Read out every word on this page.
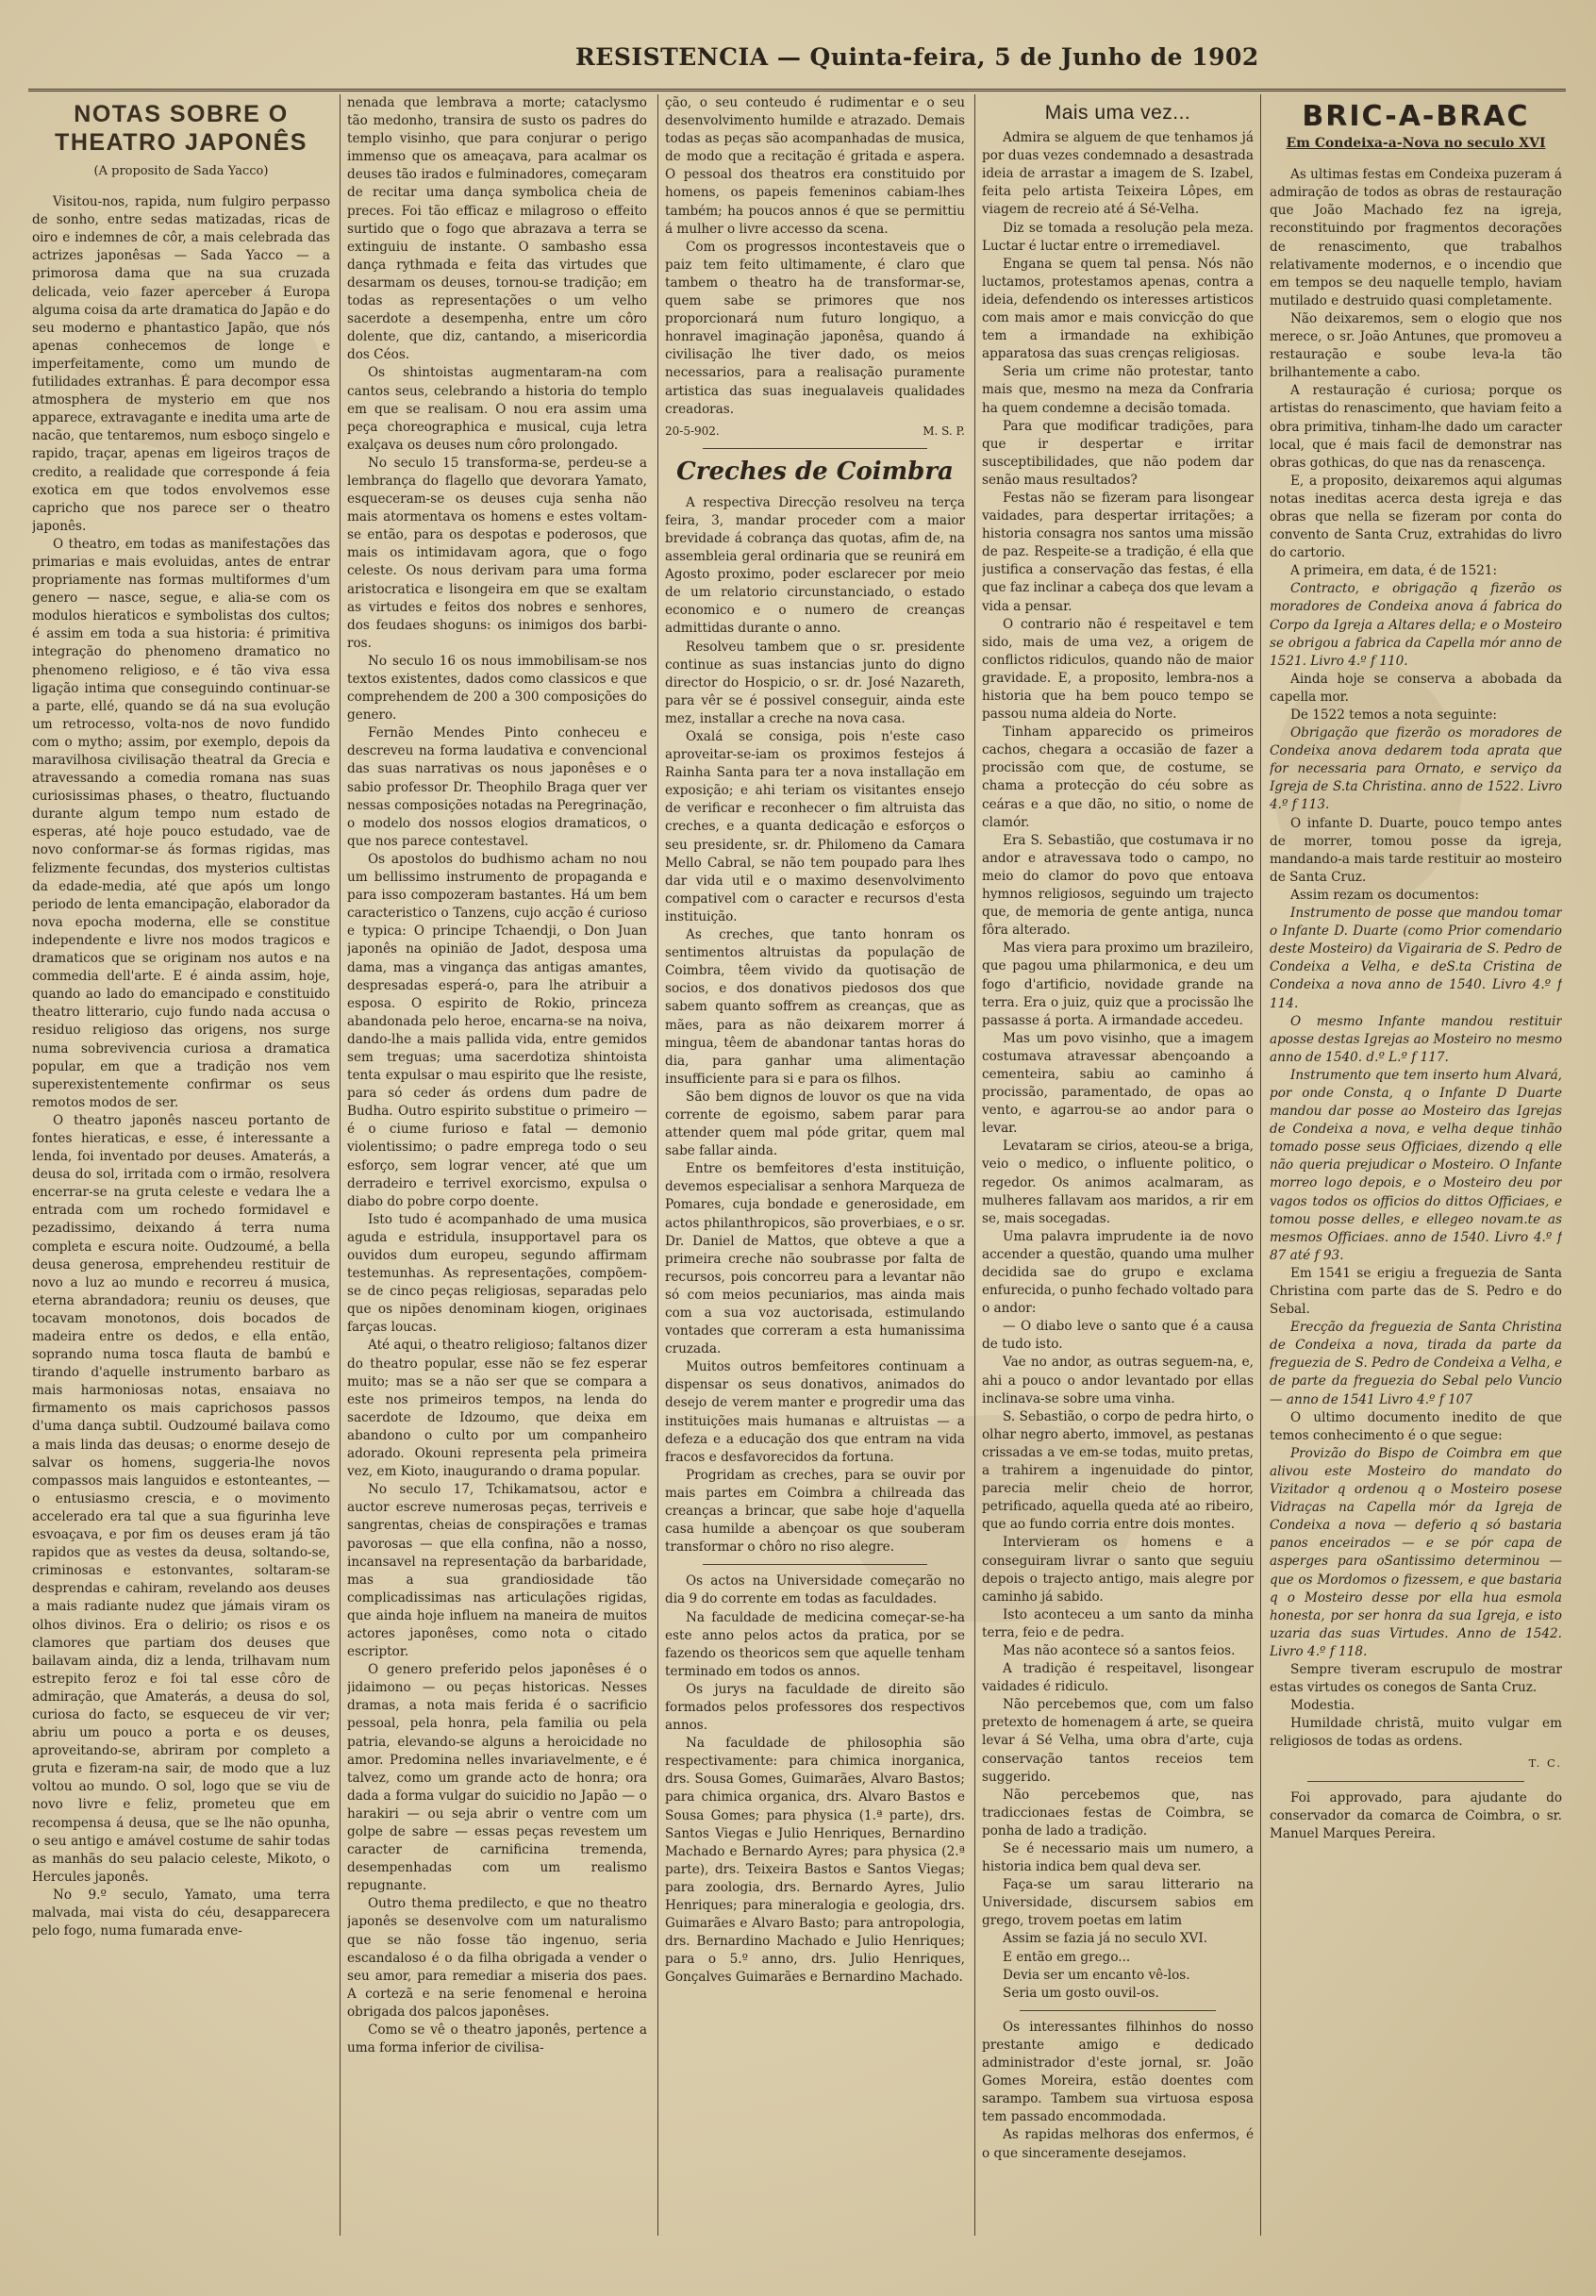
RESISTENCIA — Quinta-feira, 5 de Junho de 1902
NOTAS SOBRE O THEATRO JAPONÊS
(A proposito de Sada Yacco)

Visitou-nos, rapida, num fulgiro perpasso de sonho, entre sedas matizadas, ricas de oiro e indemnes de côr, a mais celebrada das actrizes japonêsas — Sada Yacco — a primorosa dama que na sua cruzada delicada, veio fazer aperceber á Europa alguma coisa da arte dramatica do Japão e do seu moderno e phantastico Japão, que nós apenas conhecemos de longe e imperfeitamente, como um mundo de futilidades extranhas. É para decompor essa atmosphera de mysterio em que nos apparece, extravagante e inedita uma arte de nacão, que tentaremos, num esboço singelo e rapido, traçar, apenas em ligeiros traços de credito, a realidade que corresponde á feia exotica em que todos envolvemos esse capricho que nos parece ser o theatro japonês.

O theatro, em todas as manifestações das primarias e mais evoluidas, antes de entrar propriamente nas formas multiformes d'um genero — nasce, segue, e alia-se com os modulos hieraticos e symbolistas dos cultos; é assim em toda a sua historia: é primitiva integração do phenomeno dramatico no phenomeno religioso, e é tão viva essa ligação intima que conseguindo continuar-se a parte, ellé, quando se dá na sua evolução um retrocesso, volta-nos de novo fundido com o mytho; assim, por exemplo, depois da maravilhosa civilisação theatral da Grecia e atravessando a comedia romana nas suas curiosissimas phases, o theatro, fluctuando durante algum tempo num estado de esperas, até hoje pouco estudado, vae de novo conformar-se ás formas rigidas, mas felizmente fecundas, dos mysterios cultistas da edade-media, até que após um longo periodo de lenta emancipação, elaborador da nova epocha moderna, elle se constitue independente e livre nos modos tragicos e dramaticos que se originam nos autos e na commedia dell'arte. E é ainda assim, hoje, quando ao lado do emancipado e constituido theatro litterario, cujo fundo nada accusa o residuo religioso das origens, nos surge numa sobrevivencia curiosa a dramatica popular, em que a tradição nos vem superexistentemente confirmar os seus remotos modos de ser.

O theatro japonês nasceu portanto de fontes hieraticas, e esse, é interessante a lenda, foi inventado por deuses. Amaterás, a deusa do sol, irritada com o irmão, resolvera encerrar-se na gruta celeste e vedara lhe a entrada com um rochedo formidavel e pezadissimo, deixando á terra numa completa e escura noite. Oudzoumé, a bella deusa generosa, emprehendeu restituir de novo a luz ao mundo e recorreu á musica, eterna abrandadora; reuniu os deuses, que tocavam monotonos, dois bocados de madeira entre os dedos, e ella então, soprando numa tosca flauta de bambú e tirando d'aquelle instrumento barbaro as mais harmoniosas notas, ensaiava no firmamento os mais caprichosos passos d'uma dança subtil. Oudzoumé bailava como a mais linda das deusas; o enorme desejo de salvar os homens, suggeria-lhe novos compassos mais languidos e estonteantes, — o entusiasmo crescia, e o movimento accelerado era tal que a sua figurinha leve esvoaçava, e por fim os deuses eram já tão rapidos que as vestes da deusa, soltando-se, criminosas e estonvantes, soltaram-se desprendas e cahiram, revelando aos deuses a mais radiante nudez que jámais viram os olhos divinos. Era o delirio; os risos e os clamores que partiam dos deuses que bailavam ainda, diz a lenda, trilhavam num estrepito feroz e foi tal esse côro de admiração, que Amaterás, a deusa do sol, curiosa do facto, se esqueceu de vir ver; abriu um pouco a porta e os deuses, aproveitando-se, abriram por completo a gruta e fizeram-na sair, de modo que a luz voltou ao mundo. O sol, logo que se viu de novo livre e feliz, prometeu que em recompensa á deusa, que se lhe não opunha, o seu antigo e amável costume de sahir todas as manhãs do seu palacio celeste, Mikoto, o Hercules japonês.

No 9.º seculo, Yamato, uma terra malvada, mai vista do céu, desapparecera pelo fogo, numa fumarada enve-

nenada que lembrava a morte; cataclysmo tão medonho, transira de susto os padres do templo visinho, que para conjurar o perigo immenso que os ameaçava, para acalmar os deuses tão irados e fulminadores, começaram de recitar uma dança symbolica cheia de preces. Foi tão efficaz e milagroso o effeito surtido que o fogo que abrazava a terra se extinguiu de instante. O sambasho essa dança rythmada e feita das virtudes que desarmam os deuses, tornou-se tradição; em todas as representações o um velho sacerdote a desempenha, entre um côro dolente, que diz, cantando, a misericordia dos Céos.

Os shintoistas augmentaram-na com cantos seus, celebrando a historia do templo em que se realisam. O nou era assim uma peça choreographica e musical, cuja letra exalçava os deuses num côro prolongado.

No seculo 15 transforma-se, perdeu-se a lembrança do flagello que devorara Yamato, esqueceram-se os deuses cuja senha não mais atormentava os homens e estes voltam-se então, para os despotas e poderosos, que mais os intimidavam agora, que o fogo celeste. Os nous derivam para uma forma aristocratica e lisongeira em que se exaltam as virtudes e feitos dos nobres e senhores, dos feudaes shoguns: os inimigos dos barbi-ros.

No seculo 16 os nous immobilisam-se nos textos existentes, dados como classicos e que comprehendem de 200 a 300 composições do genero.

Fernão Mendes Pinto conheceu e descreveu na forma laudativa e convencional das suas narrativas os nous japonêses e o sabio professor Dr. Theophilo Braga quer ver nessas composições notadas na Peregrinação, o modelo dos nossos elogios dramaticos, o que nos parece contestavel.

Os apostolos do budhismo acham no nou um bellissimo instrumento de propaganda e para isso compozeram bastantes. Há um bem caracteristico o Tanzens, cujo acção é curioso e typica: O principe Tchaendji, o Don Juan japonês na opinião de Jadot, desposa uma dama, mas a vingança das antigas amantes, despresadas esperá-o, para lhe atribuir a esposa. O espirito de Rokio, princeza abandonada pelo heroe, encarna-se na noiva, dando-lhe a mais pallida vida, entre gemidos sem treguas; uma sacerdotiza shintoista tenta expulsar o mau espirito que lhe resiste, para só ceder ás ordens dum padre de Budha. Outro espirito substitue o primeiro — é o ciume furioso e fatal — demonio violentissimo; o padre emprega todo o seu esforço, sem lograr vencer, até que um derradeiro e terrivel exorcismo, expulsa o diabo do pobre corpo doente.

Isto tudo é acompanhado de uma musica aguda e estridula, insupportavel para os ouvidos dum europeu, segundo affirmam testemunhas. As representações, compõem-se de cinco peças religiosas, separadas pelo que os nipões denominam kiogen, originaes farças loucas.

Até aqui, o theatro religioso; faltanos dizer do theatro popular, esse não se fez esperar muito; mas se a não ser que se compara a este nos primeiros tempos, na lenda do sacerdote de Idzoumo, que deixa em abandono o culto por um companheiro adorado. Okouni representa pela primeira vez, em Kioto, inaugurando o drama popular.

No seculo 17, Tchikamatsou, actor e auctor escreve numerosas peças, terriveis e sangrentas, cheias de conspirações e tramas pavorosas — que ella confina, não a nosso, incansavel na representação da barbaridade, mas a sua grandiosidade tão complicadissimas nas articulações rigidas, que ainda hoje influem na maneira de muitos actores japonêses, como nota o citado escriptor.

O genero preferido pelos japonêses é o jidaimono — ou peças historicas. Nesses dramas, a nota mais ferida é o sacrificio pessoal, pela honra, pela familia ou pela patria, elevando-se alguns a heroicidade no amor. Predomina nelles invariavelmente, e é talvez, como um grande acto de honra; ora dada a forma vulgar do suicidio no Japão — o harakiri — ou seja abrir o ventre com um golpe de sabre — essas peças revestem um caracter de carnificina tremenda, desempenhadas com um realismo repugnante.

Outro thema predilecto, e que no theatro japonês se desenvolve com um naturalismo que se não fosse tão ingenuo, seria escandaloso é o da filha obrigada a vender o seu amor, para remediar a miseria dos paes. A cortezã e na serie fenomenal e heroina obrigada dos palcos japonêses.

Como se vê o theatro japonês, pertence a uma forma inferior de civilisa-

ção, o seu conteudo é rudimentar e o seu desenvolvimento humilde e atrazado. Demais todas as peças são acompanhadas de musica, de modo que a recitação é gritada e aspera. O pessoal dos theatros era constituido por homens, os papeis femeninos cabiam-lhes também; ha poucos annos é que se permittiu á mulher o livre accesso da scena.

Com os progressos incontestaveis que o paiz tem feito ultimamente, é claro que tambem o theatro ha de transformar-se, quem sabe se primores que nos proporcionará num futuro longiquo, a honravel imaginação japonêsa, quando á civilisação lhe tiver dado, os meios necessarios, para a realisação puramente artistica das suas inegualaveis qualidades creadoras.

20-5-902.	M. S. P.
Creches de Coimbra

A respectiva Direcção resolveu na terça feira, 3, mandar proceder com a maior brevidade á cobrança das quotas, afim de, na assembleia geral ordinaria que se reunirá em Agosto proximo, poder esclarecer por meio de um relatorio circunstanciado, o estado economico e o numero de creanças admittidas durante o anno.

Resolveu tambem que o sr. presidente continue as suas instancias junto do digno director do Hospicio, o sr. dr. José Nazareth, para vêr se é possivel conseguir, ainda este mez, installar a creche na nova casa.

Oxalá se consiga, pois n'este caso aproveitar-se-iam os proximos festejos á Rainha Santa para ter a nova installação em exposição; e ahi teriam os visitantes ensejo de verificar e reconhecer o fim altruista das creches, e a quanta dedicação e esforços o seu presidente, sr. dr. Philomeno da Camara Mello Cabral, se não tem poupado para lhes dar vida util e o maximo desenvolvimento compativel com o caracter e recursos d'esta instituição.

As creches, que tanto honram os sentimentos altruistas da população de Coimbra, têem vivido da quotisação de socios, e dos donativos piedosos dos que sabem quanto soffrem as creanças, que as mães, para as não deixarem morrer á mingua, têem de abandonar tantas horas do dia, para ganhar uma alimentação insufficiente para si e para os filhos.

São bem dignos de louvor os que na vida corrente de egoismo, sabem parar para attender quem mal póde gritar, quem mal sabe fallar ainda.

Entre os bemfeitores d'esta instituição, devemos especialisar a senhora Marqueza de Pomares, cuja bondade e generosidade, em actos philanthropicos, são proverbiaes, e o sr. Dr. Daniel de Mattos, que obteve a que a primeira creche não soubrasse por falta de recursos, pois concorreu para a levantar não só com meios pecuniarios, mas ainda mais com a sua voz auctorisada, estimulando vontades que correram a esta humanissima cruzada.

Muitos outros bemfeitores continuam a dispensar os seus donativos, animados do desejo de verem manter e progredir uma das instituições mais humanas e altruistas — a defeza e a educação dos que entram na vida fracos e desfavorecidos da fortuna.

Progridam as creches, para se ouvir por mais partes em Coimbra a chilreada das creanças a brincar, que sabe hoje d'aquella casa humilde a abençoar os que souberam transformar o chôro no riso alegre.

Os actos na Universidade começarão no dia 9 do corrente em todas as faculdades.

Na faculdade de medicina começar-se-ha este anno pelos actos da pratica, por se fazendo os theoricos sem que aquelle tenham terminado em todos os annos.

Os jurys na faculdade de direito são formados pelos professores dos respectivos annos.

Na faculdade de philosophia são respectivamente: para chimica inorganica, drs. Sousa Gomes, Guimarães, Alvaro Bastos; para chimica organica, drs. Alvaro Bastos e Sousa Gomes; para physica (1.ª parte), drs. Santos Viegas e Julio Henriques, Bernardino Machado e Bernardo Ayres; para physica (2.ª parte), drs. Teixeira Bastos e Santos Viegas; para zoologia, drs. Bernardo Ayres, Julio Henriques; para mineralogia e geologia, drs. Guimarães e Alvaro Basto; para antropologia, drs. Bernardino Machado e Julio Henriques; para o 5.º anno, drs. Julio Henriques, Gonçalves Guimarães e Bernardino Machado.

Mais uma vez...

Admira se alguem de que tenhamos já por duas vezes condemnado a desastrada ideia de arrastar a imagem de S. Izabel, feita pelo artista Teixeira Lôpes, em viagem de recreio até á Sé-Velha.

Diz se tomada a resolução pela meza. Luctar é luctar entre o irremediavel.

Engana se quem tal pensa. Nós não luctamos, protestamos apenas, contra a ideia, defendendo os interesses artisticos com mais amor e mais convicção do que tem a irmandade na exhibição apparatosa das suas crenças religiosas.

Seria um crime não protestar, tanto mais que, mesmo na meza da Confraria ha quem condemne a decisão tomada.

Para que modificar tradições, para que ir despertar e irritar susceptibilidades, que não podem dar senão maus resultados?

Festas não se fizeram para lisongear vaidades, para despertar irritações; a historia consagra nos santos uma missão de paz. Respeite-se a tradição, é ella que justifica a conservação das festas, é ella que faz inclinar a cabeça dos que levam a vida a pensar.

O contrario não é respeitavel e tem sido, mais de uma vez, a origem de conflictos ridiculos, quando não de maior gravidade. E, a proposito, lembra-nos a historia que ha bem pouco tempo se passou numa aldeia do Norte.

Tinham apparecido os primeiros cachos, chegara a occasião de fazer a procissão com que, de costume, se chama a protecção do céu sobre as ceáras e a que dão, no sitio, o nome de clamór.

Era S. Sebastião, que costumava ir no andor e atravessava todo o campo, no meio do clamor do povo que entoava hymnos religiosos, seguindo um trajecto que, de memoria de gente antiga, nunca fôra alterado.

Mas viera para proximo um brazileiro, que pagou uma philarmonica, e deu um fogo d'artificio, novidade grande na terra. Era o juiz, quiz que a procissão lhe passasse á porta. A irmandade accedeu.

Mas um povo visinho, que a imagem costumava atravessar abençoando a cementeira, sabiu ao caminho á procissão, paramentado, de opas ao vento, e agarrou-se ao andor para o levar.

Levataram se cirios, ateou-se a briga, veio o medico, o influente politico, o regedor. Os animos acalmaram, as mulheres fallavam aos maridos, a rir em se, mais socegadas.

Uma palavra imprudente ia de novo accender a questão, quando uma mulher decidida sae do grupo e exclama enfurecida, o punho fechado voltado para o andor:

— O diabo leve o santo que é a causa de tudo isto.

Vae no andor, as outras seguem-na, e, ahi a pouco o andor levantado por ellas inclinava-se sobre uma vinha.

S. Sebastião, o corpo de pedra hirto, o olhar negro aberto, immovel, as pestanas crissadas a ve em-se todas, muito pretas, a trahirem a ingenuidade do pintor, parecia melir cheio de horror, petrificado, aquella queda até ao ribeiro, que ao fundo corria entre dois montes.

Intervieram os homens e a conseguiram livrar o santo que seguiu depois o trajecto antigo, mais alegre por caminho já sabido.

Isto aconteceu a um santo da minha terra, feio e de pedra.

Mas não acontece só a santos feios.

A tradição é respeitavel, lisongear vaidades é ridiculo.

Não percebemos que, com um falso pretexto de homenagem á arte, se queira levar á Sé Velha, uma obra d'arte, cuja conservação tantos receios tem suggerido.

Não percebemos que, nas tradiccionaes festas de Coimbra, se ponha de lado a tradição.

Se é necessario mais um numero, a historia indica bem qual deva ser.

Faça-se um sarau litterario na Universidade, discursem sabios em grego, trovem poetas em latim

Assim se fazia já no seculo XVI.

E então em grego...

Devia ser um encanto vê-los.

Seria um gosto ouvil-os.

Os interessantes filhinhos do nosso prestante amigo e dedicado administrador d'este jornal, sr. João Gomes Moreira, estão doentes com sarampo. Tambem sua virtuosa esposa tem passado encommodada.

As rapidas melhoras dos enfermos, é o que sinceramente desejamos.

BRIC-A-BRAC
Em Condeixa-a-Nova no seculo XVI

As ultimas festas em Condeixa puzeram á admiração de todos as obras de restauração que João Machado fez na igreja, reconstituindo por fragmentos decorações de renascimento, que trabalhos relativamente modernos, e o incendio que em tempos se deu naquelle templo, haviam mutilado e destruido quasi completamente.

Não deixaremos, sem o elogio que nos merece, o sr. João Antunes, que promoveu a restauração e soube leva-la tão brilhantemente a cabo.

A restauração é curiosa; porque os artistas do renascimento, que haviam feito a obra primitiva, tinham-lhe dado um caracter local, que é mais facil de demonstrar nas obras gothicas, do que nas da renascença.

E, a proposito, deixaremos aqui algumas notas ineditas acerca desta igreja e das obras que nella se fizeram por conta do convento de Santa Cruz, extrahidas do livro do cartorio.

A primeira, em data, é de 1521:

Contracto, e obrigação q fizerão os moradores de Condeixa anova á fabrica do Corpo da Igreja a Altares della; e o Mosteiro se obrigou a fabrica da Capella mór anno de 1521. Livro 4.º f 110.

Ainda hoje se conserva a abobada da capella mor.

De 1522 temos a nota seguinte:

Obrigação que fizerão os moradores de Condeixa anova dedarem toda aprata que for necessaria para Ornato, e serviço da Igreja de S.ta Christina. anno de 1522. Livro 4.º f 113.

O infante D. Duarte, pouco tempo antes de morrer, tomou posse da igreja, mandando-a mais tarde restituir ao mosteiro de Santa Cruz.

Assim rezam os documentos:

Instrumento de posse que mandou tomar o Infante D. Duarte (como Prior comendario deste Mosteiro) da Vigairaria de S. Pedro de Condeixa a Velha, e deS.ta Cristina de Condeixa a nova anno de 1540. Livro 4.º f 114.

O mesmo Infante mandou restituir aposse destas Igrejas ao Mosteiro no mesmo anno de 1540. d.º L.º f 117.

Instrumento que tem inserto hum Alvará, por onde Consta, q o Infante D Duarte mandou dar posse ao Mosteiro das Igrejas de Condeixa a nova, e velha deque tinhão tomado posse seus Officiaes, dizendo q elle não queria prejudicar o Mosteiro. O Infante morreo logo depois, e o Mosteiro deu por vagos todos os officios do dittos Officiaes, e tomou posse delles, e ellegeo novam.te as mesmos Officiaes. anno de 1540. Livro 4.º f 87 até f 93.

Em 1541 se erigiu a freguezia de Santa Christina com parte das de S. Pedro e do Sebal.

Erecção da freguezia de Santa Christina de Condeixa a nova, tirada da parte da freguezia de S. Pedro de Condeixa a Velha, e de parte da freguezia do Sebal pelo Vuncio — anno de 1541 Livro 4.º f 107

O ultimo documento inedito de que temos conhecimento é o que segue:

Provizão do Bispo de Coimbra em que alivou este Mosteiro do mandato do Vizitador q ordenou q o Mosteiro posese Vidraças na Capella mór da Igreja de Condeixa a nova — deferio q só bastaria panos enceirados — e se pór capa de asperges para oSantissimo determinou — que os Mordomos o fizessem, e que bastaria q o Mosteiro desse por ella hua esmola honesta, por ser honra da sua Igreja, e isto uzaria das suas Virtudes. Anno de 1542. Livro 4.º f 118.

Sempre tiveram escrupulo de mostrar estas virtudes os conegos de Santa Cruz.

Modestia.

Humildade christã, muito vulgar em religiosos de todas as ordens.

T. C.

Foi approvado, para ajudante do conservador da comarca de Coimbra, o sr. Manuel Marques Pereira.
